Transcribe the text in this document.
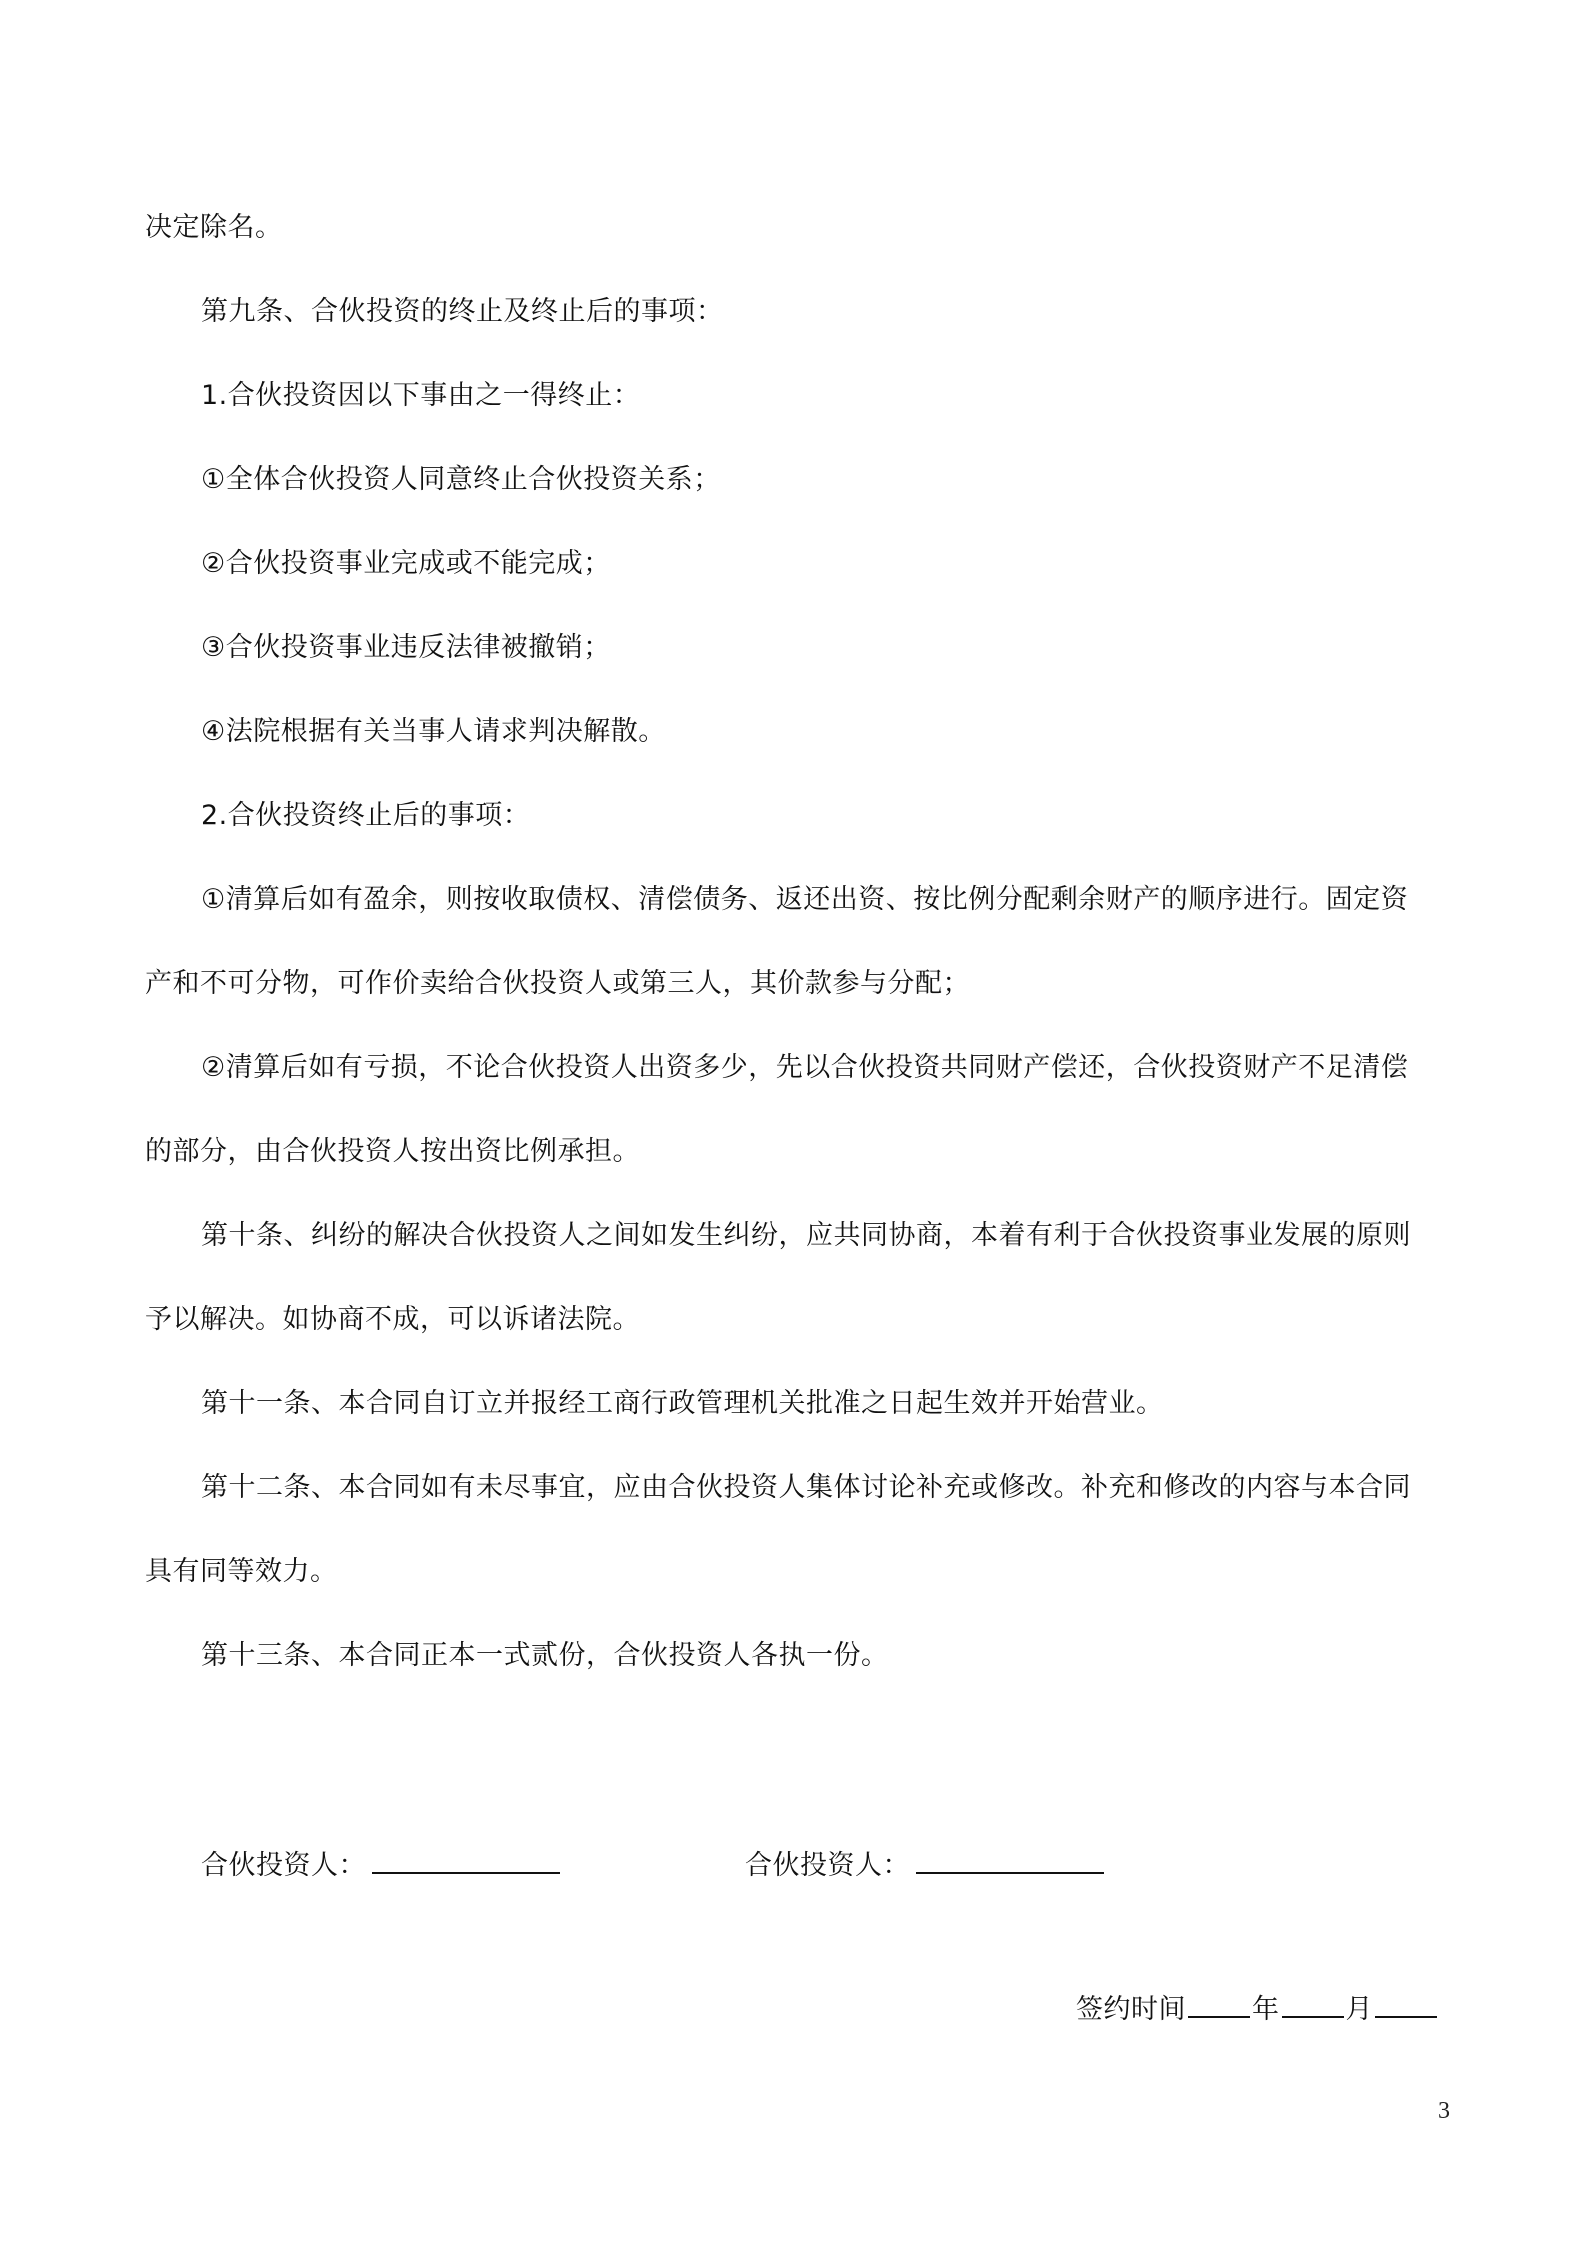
决定除名。
第九条、合伙投资的终止及终止后的事项：
1.合伙投资因以下事由之一得终止：
①全体合伙投资人同意终止合伙投资关系；
②合伙投资事业完成或不能完成；
③合伙投资事业违反法律被撤销；
④法院根据有关当事人请求判决解散。
2.合伙投资终止后的事项：
①清算后如有盈余，则按收取债权、清偿债务、返还出资、按比例分配剩余财产的顺序进行。固定资
产和不可分物，可作价卖给合伙投资人或第三人，其价款参与分配；
②清算后如有亏损，不论合伙投资人出资多少，先以合伙投资共同财产偿还，合伙投资财产不足清偿
的部分，由合伙投资人按出资比例承担。
第十条、纠纷的解决合伙投资人之间如发生纠纷，应共同协商，本着有利于合伙投资事业发展的原则
予以解决。如协商不成，可以诉诸法院。
第十一条、本合同自订立并报经工商行政管理机关批准之日起生效并开始营业。
第十二条、本合同如有未尽事宜，应由合伙投资人集体讨论补充或修改。补充和修改的内容与本合同
具有同等效力。
第十三条、本合同正本一式贰份，合伙投资人各执一份。
合伙投资人：	合伙投资人：
签约时间 年 月
3
